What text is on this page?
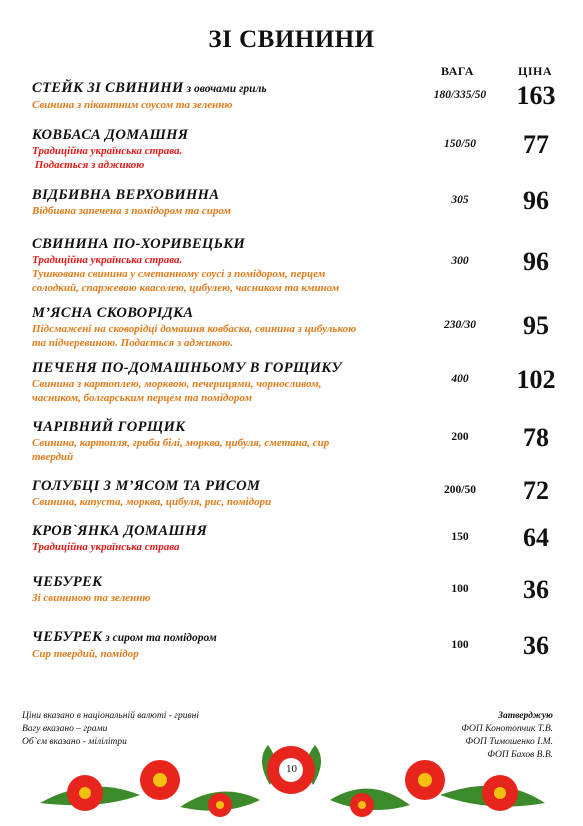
ЗІ СВИНИНИ
ВАГА	ЦІНА
СТЕЙК ЗІ СВИНИНИ з овочами гриль
Свинина з пікантним соусом та зеленню
180/335/50	163
КОВБАСА ДОМАШНЯ
Традиційна українська страва.
Подається з аджикою
150/50	77
ВІДБИВНА ВЕРХОВИННА
Відбивна запечена з помідором та сиром
305	96
СВИНИНА ПО-ХОРИВЕЦЬКИ
Традиційна українська страва.
Тушкована свинина у сметанному соусі з помідором, перцем
солодкий, спаржевою квасолею, цибулею, часником та кмином
300	96
М’ЯСНА СКОВОРІДКА
Підсмажені на сковорідці домашня ковбаска, свинина з цибулькою
та підчеревиною. Подається з аджикою.
230/30	95
ПЕЧЕНЯ ПО-ДОМАШНЬОМУ В ГОРЩИКУ
Свинина з картоплею, морквою, печерицями, чорносливом,
часником, болгарським перцем та помідором
400	102
ЧАРІВНИЙ ГОРЩИК
Свинина, картопля, гриби білі, морква, цибуля, сметана, сир
твердий
200	78
ГОЛУБЦІ З М’ЯСОМ ТА РИСОМ
Свинина, капуста, морква, цибуля, рис, помідори
200/50	72
КРОВ`ЯНКА ДОМАШНЯ
Традиційна українська страва
150	64
ЧЕБУРЕК
Зі свининою та зеленню
100	36
ЧЕБУРЕК з сиром та помідором
Сир твердий, помідор
100	36
Ціни вказано в національній валюті - гривні
Вагу вказано – грами
Об`єм вказано - мілілітри
Затверджую
ФОП Конотопчик Т.В.
ФОП Тимошенко І.М.
ФОП Бахов В.В.
10
